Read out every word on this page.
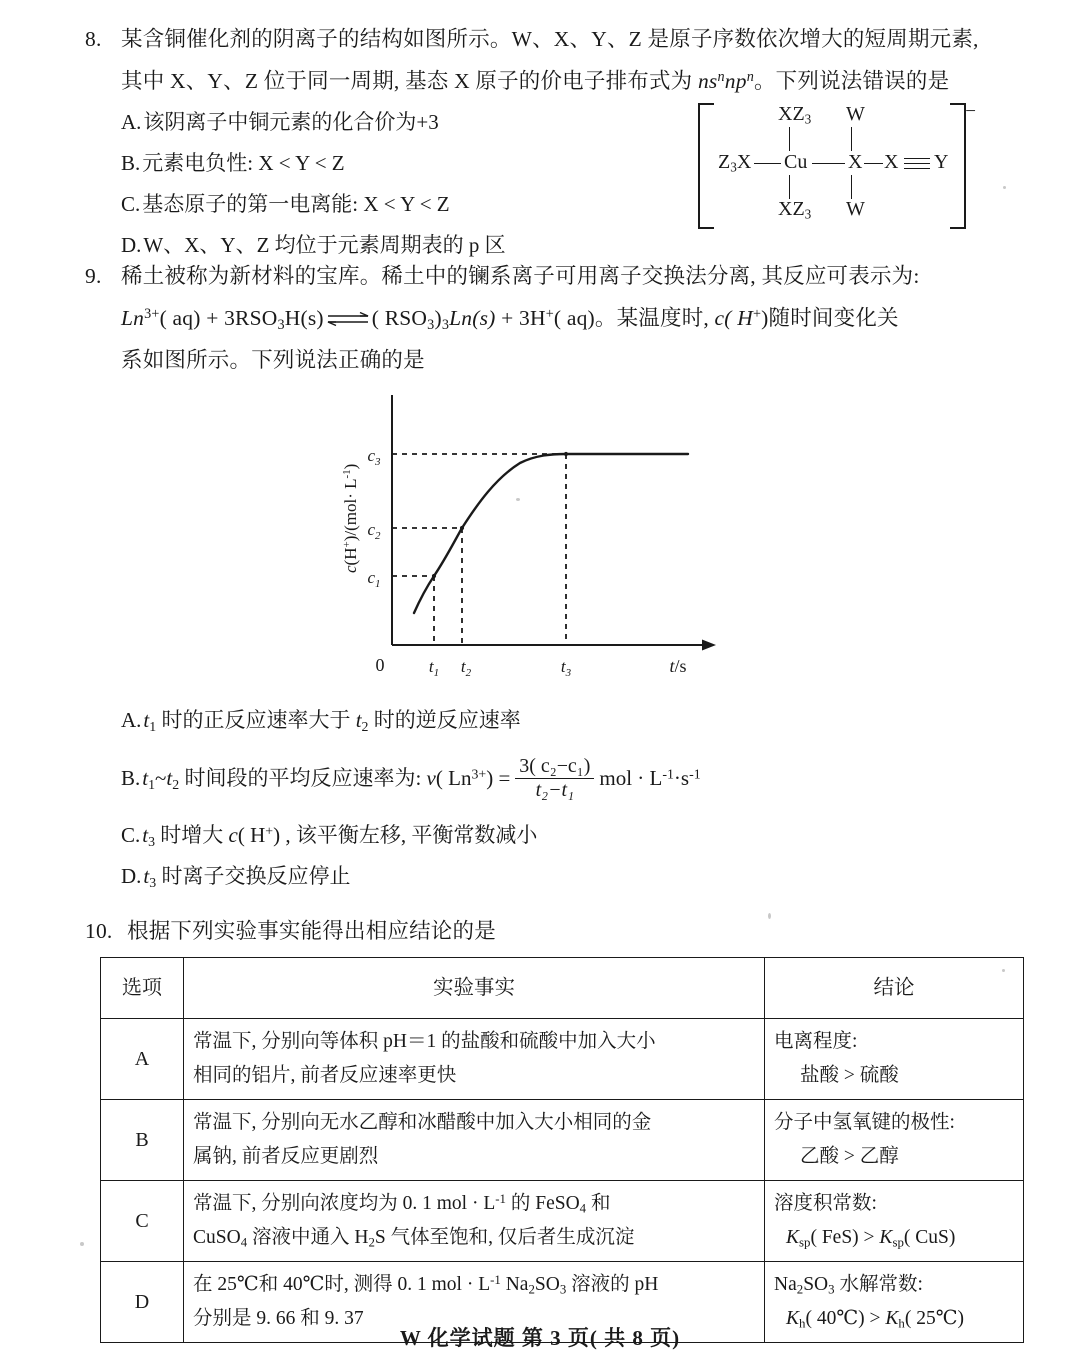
8. 某含铜催化剂的阴离子的结构如图所示。W、X、Y、Z 是原子序数依次增大的短周期元素,
其中 X、Y、Z 位于同一周期, 基态 X 原子的价电子排布式为 $ns^nnp^n$。下列说法错误的是
A.该阴离子中铜元素的化合价为+3
B.元素电负性: X < Y < Z
C.基态原子的第一电离能: X < Y < Z
D.W、X、Y、Z 均位于元素周期表的 p 区
−
$XZ_3$ W
$XZ_3$ W
$Z_3X$ Cu X X Y
9. 稀土被称为新材料的宝库。稀土中的镧系离子可用离子交换法分离, 其反应可表示为:
$Ln^{3+}$( $aq) + 3RSO_3H(s)$ ⇌( $RSO_3)_3Ln(s) + 3H^+$( aq)。某温度时, c( H+)随时间变化关
系如图所示。下列说法正确的是
$c_3$
$c_2$
$c_1$
0	$t_1$ $t_2$	$t_3$	t/s
$c(H^+)/(mol\cdot L^{-1})$
$A.t_1$ 时的正反应速率大于 $t_2$ 时的逆反应速率
$B.t_1\sim t_2$ 时间段的平均反应速率为: v( $Ln^{3+}) = \frac{\text{3( c₂−c₁)}}{\text{t₂−t₁}}$ mol · $L^{-1}\cdot s^{-1}$
$C.t_3$ 时增大 c( H+) , 该平衡左移, 平衡常数减小
$D.t_3$ 时离子交换反应停止
10. 根据下列实验事实能得出相应结论的是
选项	实验事实	结论
A	常温下, 分别向等体积 pH＝1 的盐酸和硫酸中加入大小
相同的铝片, 前者反应速率更快	电离程度:
盐酸 > 硫酸

B	常温下, 分别向无水乙醇和冰醋酸中加入大小相同的金
属钠, 前者反应更剧烈	分子中氢氧键的极性:
乙酸 > 乙醇

C	常温下, 分别向浓度均为 0. 1 mol · $L^{-1}$ 的 FeSO$_4$ 和
CuSO$_4$ 溶液中通入 $H_2S$ 气体至饱和, 仅后者生成沉淀	溶度积常数:
$K_{sp}$( $FeS) > K_{sp}$( CuS)

D	在 25℃和 40℃时, 测得 0. 1 mol · $L^{-1}$ $Na_2SO_3$ 溶液的 pH
分别是 9. 66 和 9. 37	$Na_2SO_3$ 水解常数:
$K_h$( 40℃) > $K_h$( 25℃)
W 化学试题 第 3 页( 共 8 页)
